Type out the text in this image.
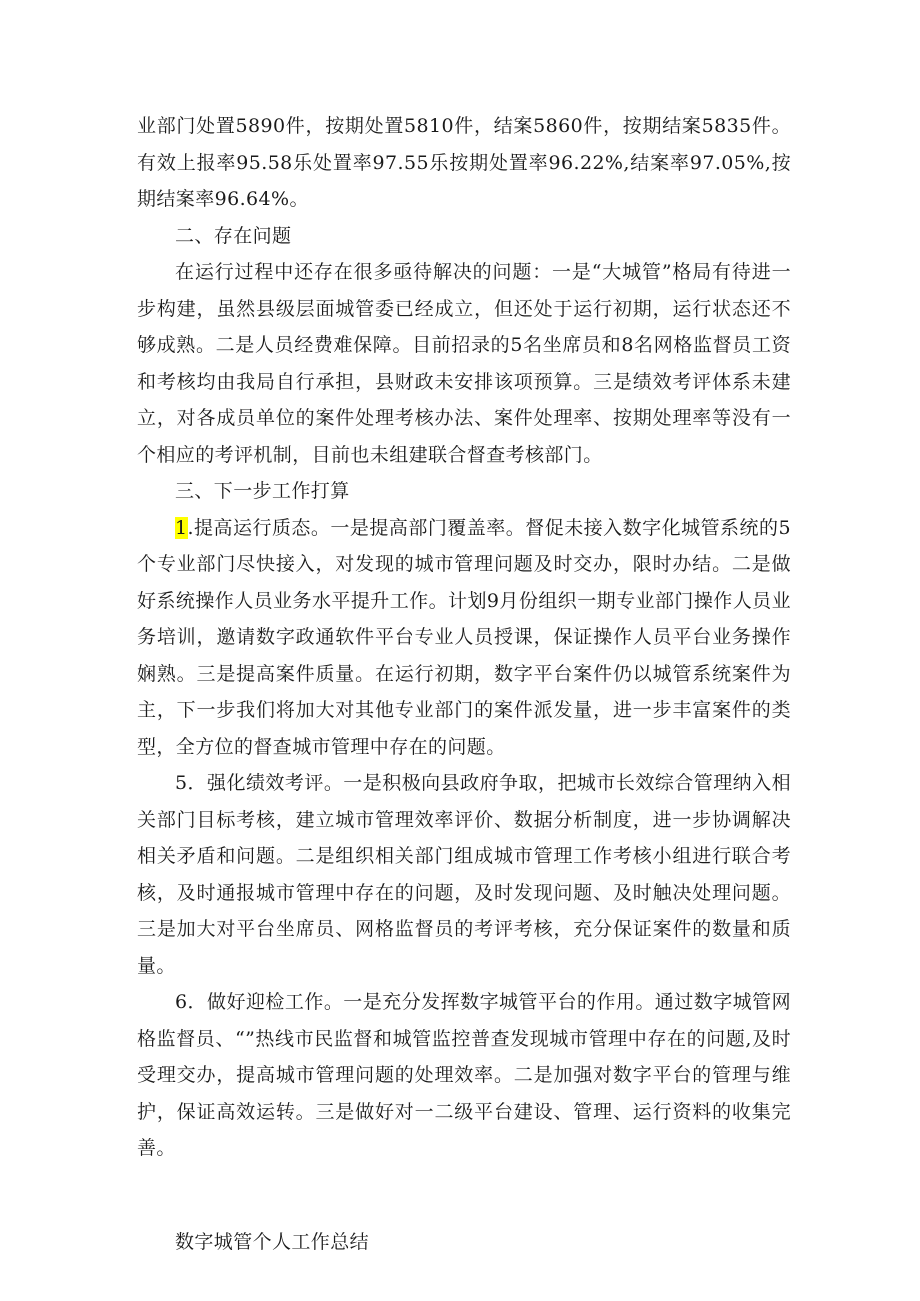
业部门处置5890件，按期处置5810件，结案5860件，按期结案5835件。有效上报率95.58乐处置率97.55乐按期处置率96.22%,结案率97.05%,按期结案率96.64%。

二、存在问题

在运行过程中还存在很多亟待解决的问题：一是“大城管”格局有待进一步构建，虽然县级层面城管委已经成立，但还处于运行初期，运行状态还不够成熟。二是人员经费难保障。目前招录的5名坐席员和8名网格监督员工资和考核均由我局自行承担，县财政未安排该项预算。三是绩效考评体系未建立，对各成员单位的案件处理考核办法、案件处理率、按期处理率等没有一个相应的考评机制，目前也未组建联合督查考核部门。

三、下一步工作打算

1.提高运行质态。一是提高部门覆盖率。督促未接入数字化城管系统的5个专业部门尽快接入，对发现的城市管理问题及时交办，限时办结。二是做好系统操作人员业务水平提升工作。计划9月份组织一期专业部门操作人员业务培训，邀请数字政通软件平台专业人员授课，保证操作人员平台业务操作娴熟。三是提高案件质量。在运行初期，数字平台案件仍以城管系统案件为主，下一步我们将加大对其他专业部门的案件派发量，进一步丰富案件的类型，全方位的督查城市管理中存在的问题。

5．强化绩效考评。一是积极向县政府争取，把城市长效综合管理纳入相关部门目标考核，建立城市管理效率评价、数据分析制度，进一步协调解决相关矛盾和问题。二是组织相关部门组成城市管理工作考核小组进行联合考核，及时通报城市管理中存在的问题，及时发现问题、及时触决处理问题。三是加大对平台坐席员、网格监督员的考评考核，充分保证案件的数量和质量。

6．做好迎检工作。一是充分发挥数字城管平台的作用。通过数字城管网格监督员、“”热线市民监督和城管监控普查发现城市管理中存在的问题,及时受理交办，提高城市管理问题的处理效率。二是加强对数字平台的管理与维护，保证高效运转。三是做好对一二级平台建设、管理、运行资料的收集完善。

数字城管个人工作总结
